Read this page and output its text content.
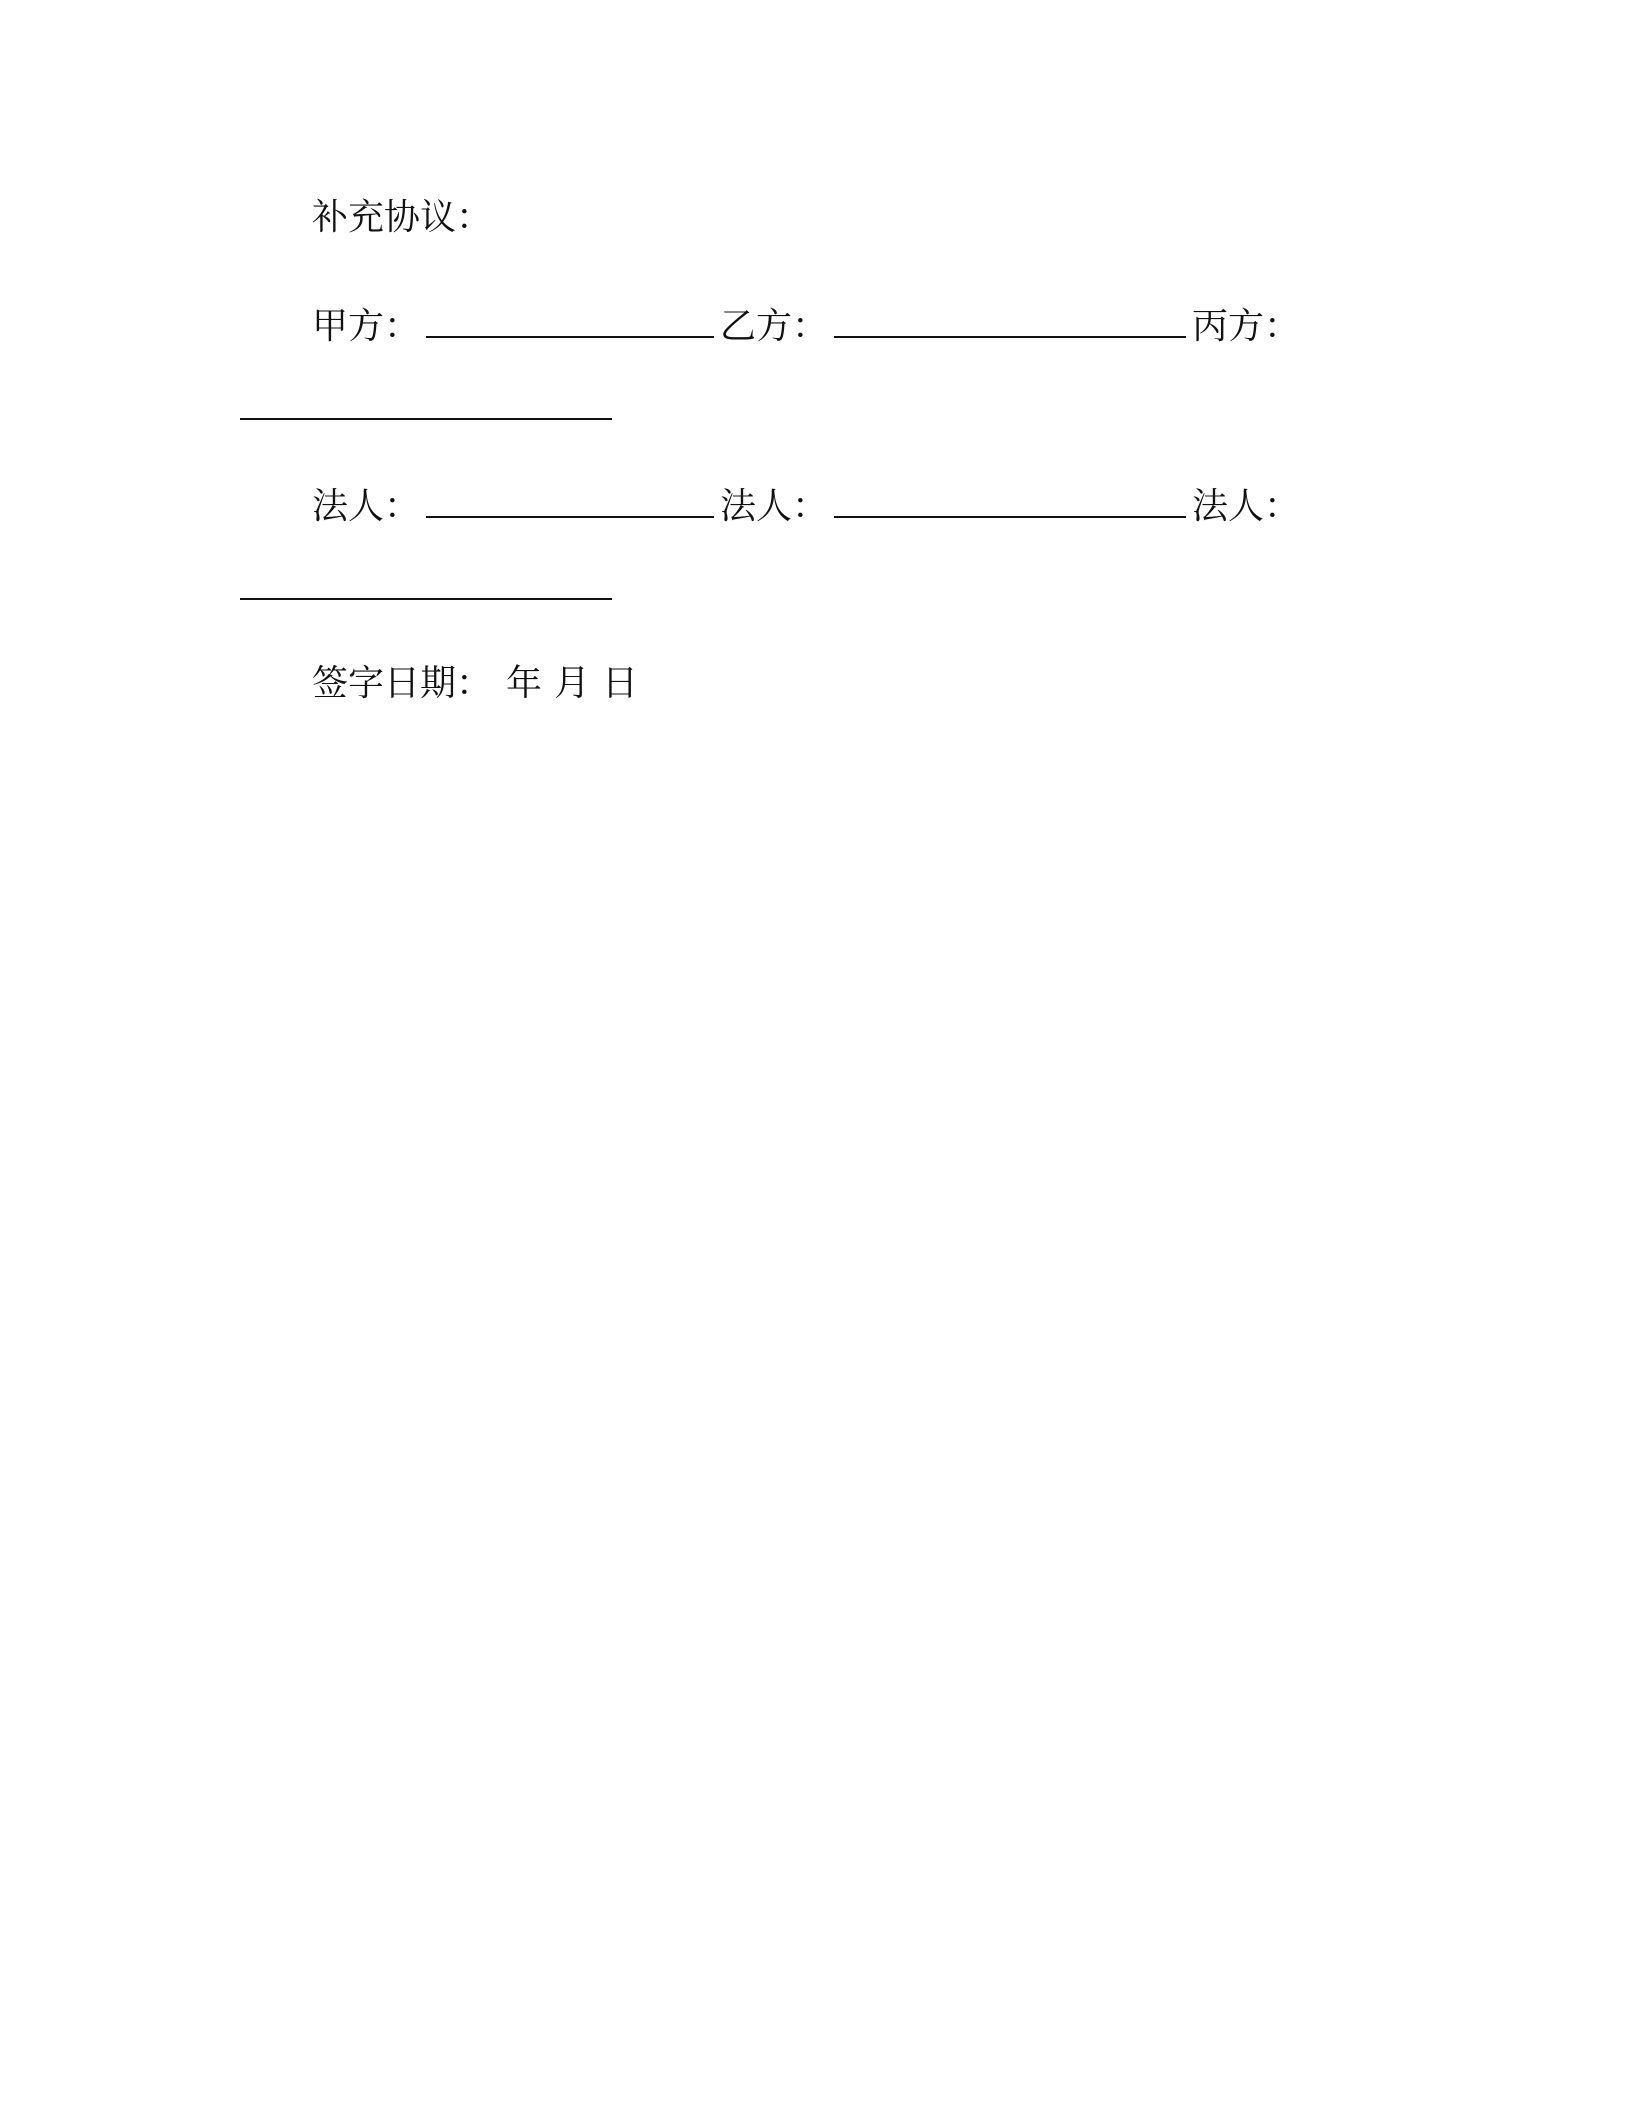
补充协议：
甲方：	乙方：	丙方：
法人：	法人：	法人：
签字日期： 年 月 日
